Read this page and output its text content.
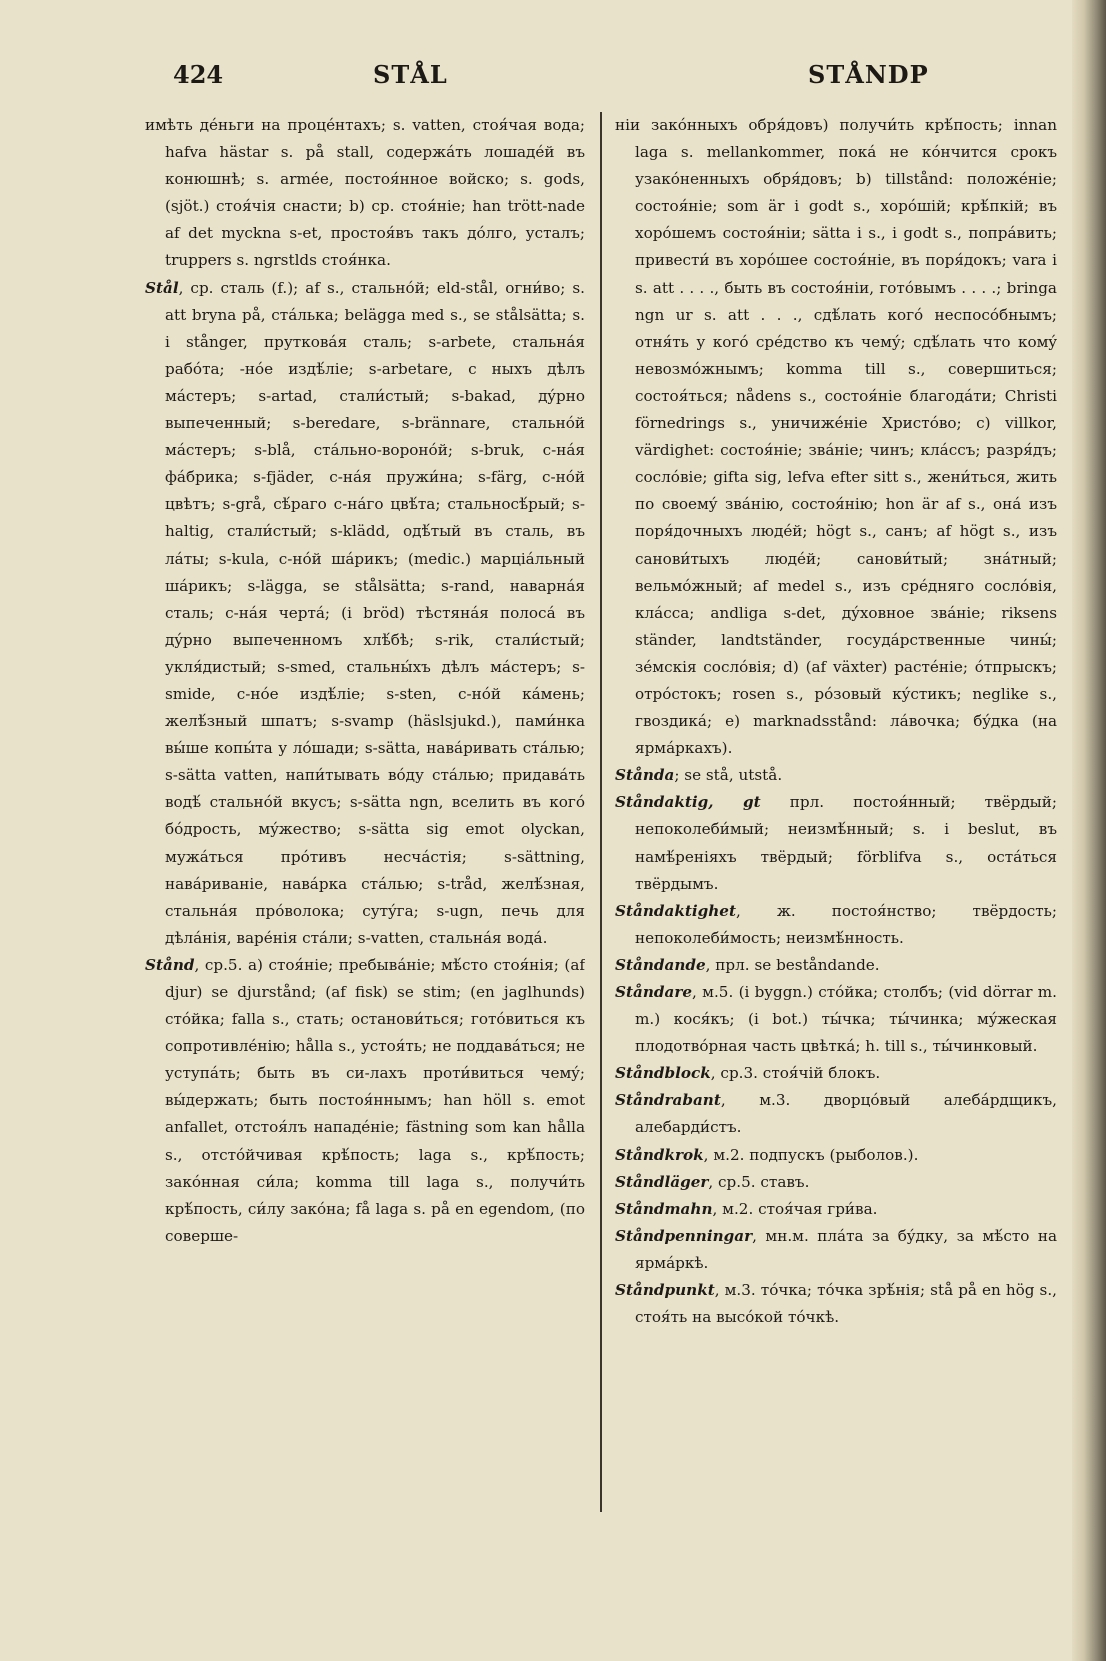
424	STÅL	STÅNDP

имѣть дéньги на процéнтахъ; s. vatten, стоя́чая вода; hafva hästar s. på stall, содержáть лошадéй въ конюшнѣ; s. armée, постоя́нное войско; s. gods, (sjöt.) стоя́чія снасти; b) ср. стоя́ніе; han trött-nade af det myckna s-et, простоя́въ такъ дóлго, усталъ; truppers s. ngrstlds стоя́нка.

Stål, ср. сталь (f.); af s., стальнóй; eld-stål, огни́во; s. att bryna på, стáлька; belägga med s., se stålsätta; s. i stånger, прутковáя сталь; s-arbete, стальнáя рабóта; -нóе издѣ́ліе; s-arbetare, с ныхъ дѣлъ мáстеръ; s-artad, стали́стый; s-bakad, дýрно выпеченный; s-beredare, s-brännare, стальнóй мáстеръ; s-blå, стáльно-воронóй; s-bruk, с-нáя фáбрика; s-fjäder, с-нáя пружи́на; s-färg, с-нóй цвѣтъ; s-grå, сѣ́раго с-нáго цвѣ́та; стальносѣ́рый; s-haltig, стали́стый; s-klädd, одѣ́тый въ сталь, въ лáты; s-kula, с-нóй шáрикъ; (medic.) марціáльный шáрикъ; s-lägga, se stålsätta; s-rand, наварнáя сталь; с-нáя чертá; (i bröd) тѣстянáя полосá въ дýрно выпеченномъ хлѣ́бѣ; s-rik, стали́стый; укля́дистый; s-smed, стальны́хъ дѣлъ мáстеръ; s-smide, с-нóе издѣ́ліе; s-sten, с-нóй кáмень; желѣ́зный шпатъ; s-svamp (häslsjukd.), пами́нка вы́ше копы́та у лóшади; s-sätta, навáривать стáлью; s-sätta vatten, напи́тывать вóду стáлью; придавáть водѣ́ стальнóй вкусъ; s-sätta ngn, вселить въ когó бóдрость, мýжество; s-sätta sig emot olyckan, мужáться прóтивъ несчáстія; s-sättning, навáриваніе, навáрка стáлью; s-tråd, желѣ́зная, стальнáя прóволока; сутýга; s-ugn, печь для дѣлáнія, варéнія стáли; s-vatten, стальнáя водá.

Stånd, ср.5. a) стоя́ніе; пребывáніе; мѣ́сто стоя́нія; (af djur) se djurstånd; (af fisk) se stim; (en jaglhunds) стóйка; falla s., стать; останови́ться; готóвиться къ сопротивлéнію; hålla s., устоя́ть; не поддавáться; не уступáть; быть въ си-лахъ проти́виться чемý; вы́держать; быть постоя́ннымъ; han höll s. emot anfallet, отстоя́лъ нападéніе; fästning som kan hålla s., отстóйчивая крѣ́пость; laga s., крѣ́пость; закóнная си́ла; komma till laga s., получи́ть крѣ́пость, си́лу закóна; få laga s. på en egendom, (по соверше-

ніи закóнныхъ обря́довъ) получи́ть крѣ́пость; innan laga s. mellankommer, покá не кóнчится срокъ узакóненныхъ обря́довъ; b) tillstånd: положéніе; состоя́ніе; som är i godt s., хорóшій; крѣ́пкій; въ хорóшемъ состоя́ніи; sätta i s., i godt s., попрáвить; привести́ въ хорóшее состоя́ніе, въ поря́докъ; vara i s. att . . . ., быть въ состоя́ніи, готóвымъ . . . .; bringa ngn ur s. att . . ., сдѣ́лать когó неспосóбнымъ; отня́ть у когó срéдство къ чемý; сдѣ́лать что комý невозмóжнымъ; komma till s., совершиться; состоя́ться; nådens s., состоя́ніе благодáти; Christi förnedrings s., уничижéніе Христóво; c) villkor, värdighet: состоя́ніе; звáніе; чинъ; клáссъ; разря́дъ; сослóвіе; gifta sig, lefva efter sitt s., жени́ться, жить по своемý звáнію, состоя́нію; hon är af s., онá изъ поря́дочныхъ людéй; högt s., санъ; af högt s., изъ санови́тыхъ людéй; санови́тый; знáтный; вельмóжный; af medel s., изъ срéдняго сослóвія, клáсса; andliga s-det, дýховное звáніе; riksens ständer, landtständer, госудáрственные чины́; зéмскія сослóвія; d) (af växter) растéніе; óтпрыскъ; отрóстокъ; rosen s., рóзовый кýстикъ; neglike s., гвоздикá; e) marknadsstånd: лáвочка; бýдка (на ярмáркахъ).

Stånda; se stå, utstå.

Ståndaktig, gt прл. постоя́нный; твёрдый; непоколеби́мый; неизмѣ́нный; s. i beslut, въ намѣ́реніяхъ твёрдый; förblifva s., остáться твёрдымъ.

Ståndaktighet, ж. постоя́нство; твёрдость; непоколеби́мость; неизмѣ́нность.

Ståndande, прл. se beståndande.

Ståndare, м.5. (i byggn.) стóйка; столбъ; (vid dörrar m. m.) кося́къ; (i bot.) ты́чка; ты́чинка; мýжеская плодотвóрная часть цвѣткá; h. till s., ты́чинковый.

Ståndblock, ср.3. стоя́чій блокъ.

Ståndrabant, м.3. дворцóвый алебáрдщикъ, алебарди́стъ.

Ståndkrok, м.2. подпускъ (рыболов.).

Ståndläger, ср.5. ставъ.

Ståndmahn, м.2. стоя́чая гри́ва.

Ståndpenningar, мн.м. плáта за бýдку, за мѣ́сто на ярмáркѣ.

Ståndpunkt, м.3. тóчка; тóчка зрѣ́нія; stå på en hög s., стоя́ть на высóкой тóчкѣ.
